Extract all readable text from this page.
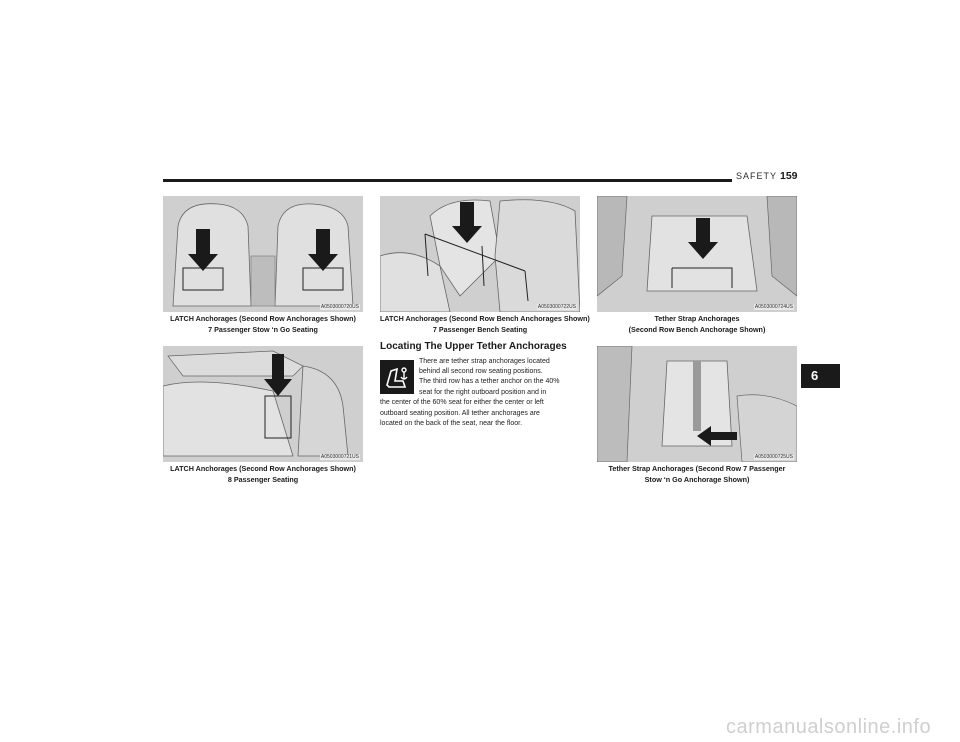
SAFETY 159
6
A0503000720US
LATCH Anchorages (Second Row Anchorages Shown)
7 Passenger Stow ‘n Go Seating
A0503000721US
LATCH Anchorages (Second Row Anchorages Shown)
8 Passenger Seating
A0503000722US
LATCH Anchorages (Second Row Bench Anchorages Shown)
7 Passenger Bench Seating
Locating The Upper Tether Anchorages
There are tether strap anchorages located
behind all second row seating positions.
The third row has a tether anchor on the 40%
seat for the right outboard position and in
the center of the 60% seat for either the center or left
outboard seating position. All tether anchorages are
located on the back of the seat, near the floor.
A0503000724US
Tether Strap Anchorages
(Second Row Bench Anchorage Shown)
A0503000725US
Tether Strap Anchorages (Second Row 7 Passenger
Stow ‘n Go Anchorage Shown)
carmanualsonline.info
